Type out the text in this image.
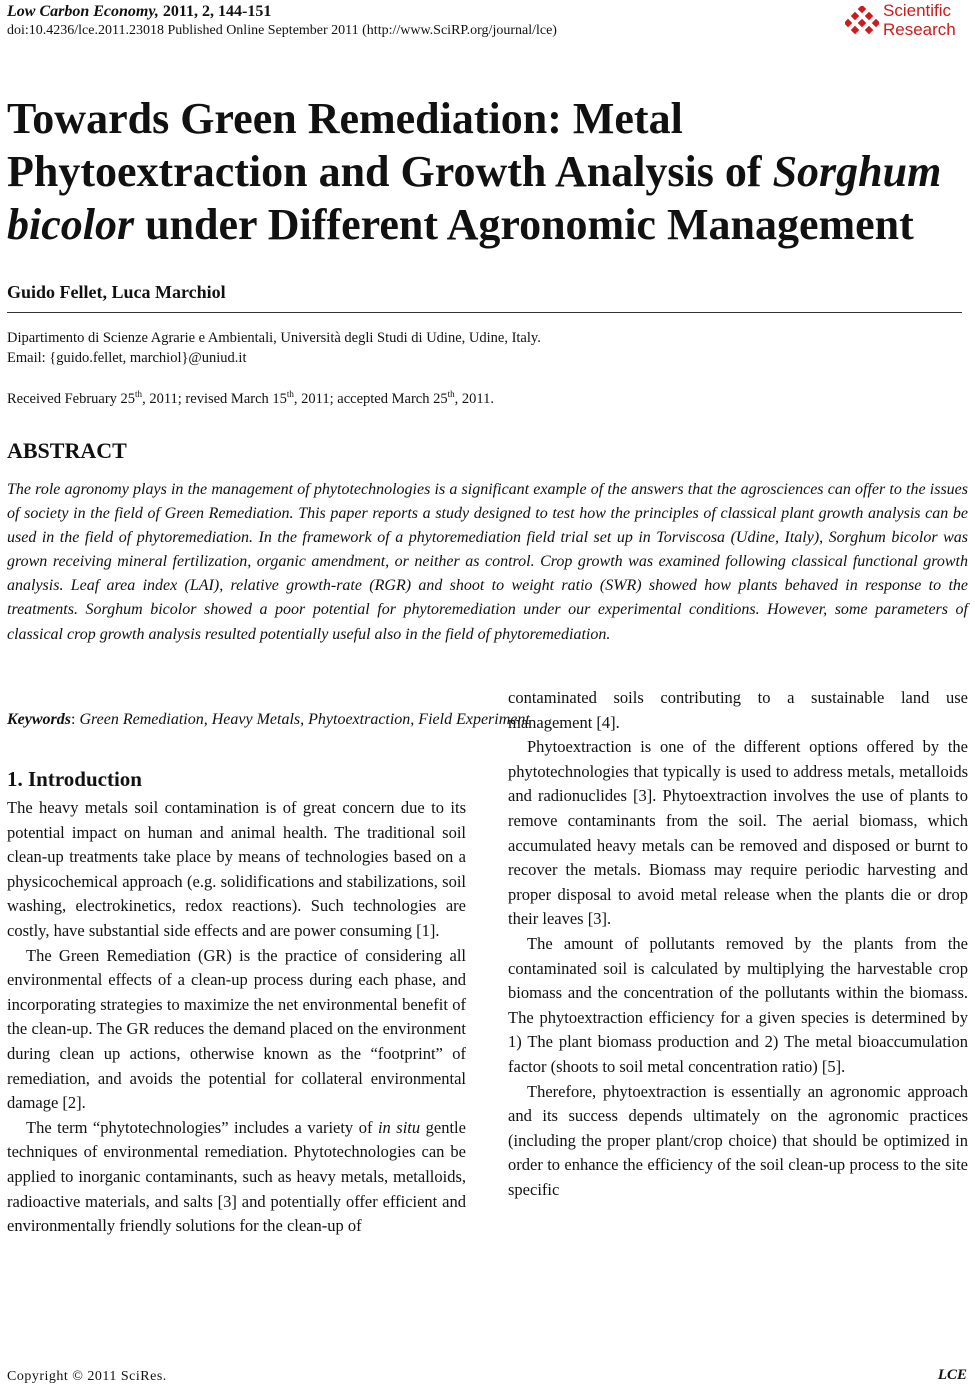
Low Carbon Economy, 2011, 2, 144-151
doi:10.4236/lce.2011.23018 Published Online September 2011 (http://www.SciRP.org/journal/lce)
Scientific
Research
Towards Green Remediation: Metal Phytoextraction and Growth Analysis of Sorghum bicolor under Different Agronomic Management
Guido Fellet, Luca Marchiol
Dipartimento di Scienze Agrarie e Ambientali, Università degli Studi di Udine, Udine, Italy.
Email: {guido.fellet, marchiol}@uniud.it
Received February 25th, 2011; revised March 15th, 2011; accepted March 25th, 2011.
ABSTRACT
The role agronomy plays in the management of phytotechnologies is a significant example of the answers that the agrosciences can offer to the issues of society in the field of Green Remediation. This paper reports a study designed to test how the principles of classical plant growth analysis can be used in the field of phytoremediation. In the framework of a phytoremediation field trial set up in Torviscosa (Udine, Italy), Sorghum bicolor was grown receiving mineral fertilization, organic amendment, or neither as control. Crop growth was examined following classical functional growth analysis. Leaf area index (LAI), relative growth-rate (RGR) and shoot to weight ratio (SWR) showed how plants behaved in response to the treatments. Sorghum bicolor showed a poor potential for phytoremediation under our experimental conditions. However, some parameters of classical crop growth analysis resulted potentially useful also in the field of phytoremediation.
Keywords: Green Remediation, Heavy Metals, Phytoextraction, Field Experiment
1. Introduction

The heavy metals soil contamination is of great concern due to its potential impact on human and animal health. The traditional soil clean-up treatments take place by means of technologies based on a physicochemical approach (e.g. solidifications and stabilizations, soil washing, electrokinetics, redox reactions). Such technologies are costly, have substantial side effects and are power consuming [1].

The Green Remediation (GR) is the practice of considering all environmental effects of a clean-up process during each phase, and incorporating strategies to maximize the net environmental benefit of the clean-up. The GR reduces the demand placed on the environment during clean up actions, otherwise known as the “footprint” of remediation, and avoids the potential for collateral environmental damage [2].

The term “phytotechnologies” includes a variety of in situ gentle techniques of environmental remediation. Phytotechnologies can be applied to inorganic contaminants, such as heavy metals, metalloids, radioactive materials, and salts [3] and potentially offer efficient and environmentally friendly solutions for the clean-up of

contaminated soils contributing to a sustainable land use management [4].

Phytoextraction is one of the different options offered by the phytotechnologies that typically is used to address metals, metalloids and radionuclides [3]. Phytoextraction involves the use of plants to remove contaminants from the soil. The aerial biomass, which accumulated heavy metals can be removed and disposed or burnt to recover the metals. Biomass may require periodic harvesting and proper disposal to avoid metal release when the plants die or drop their leaves [3].

The amount of pollutants removed by the plants from the contaminated soil is calculated by multiplying the harvestable crop biomass and the concentration of the pollutants within the biomass. The phytoextraction efficiency for a given species is determined by 1) The plant biomass production and 2) The metal bioaccumulation factor (shoots to soil metal concentration ratio) [5].

Therefore, phytoextraction is essentially an agronomic approach and its success depends ultimately on the agronomic practices (including the proper plant/crop choice) that should be optimized in order to enhance the efficiency of the soil clean-up process to the site specific

Copyright © 2011 SciRes.	LCE
